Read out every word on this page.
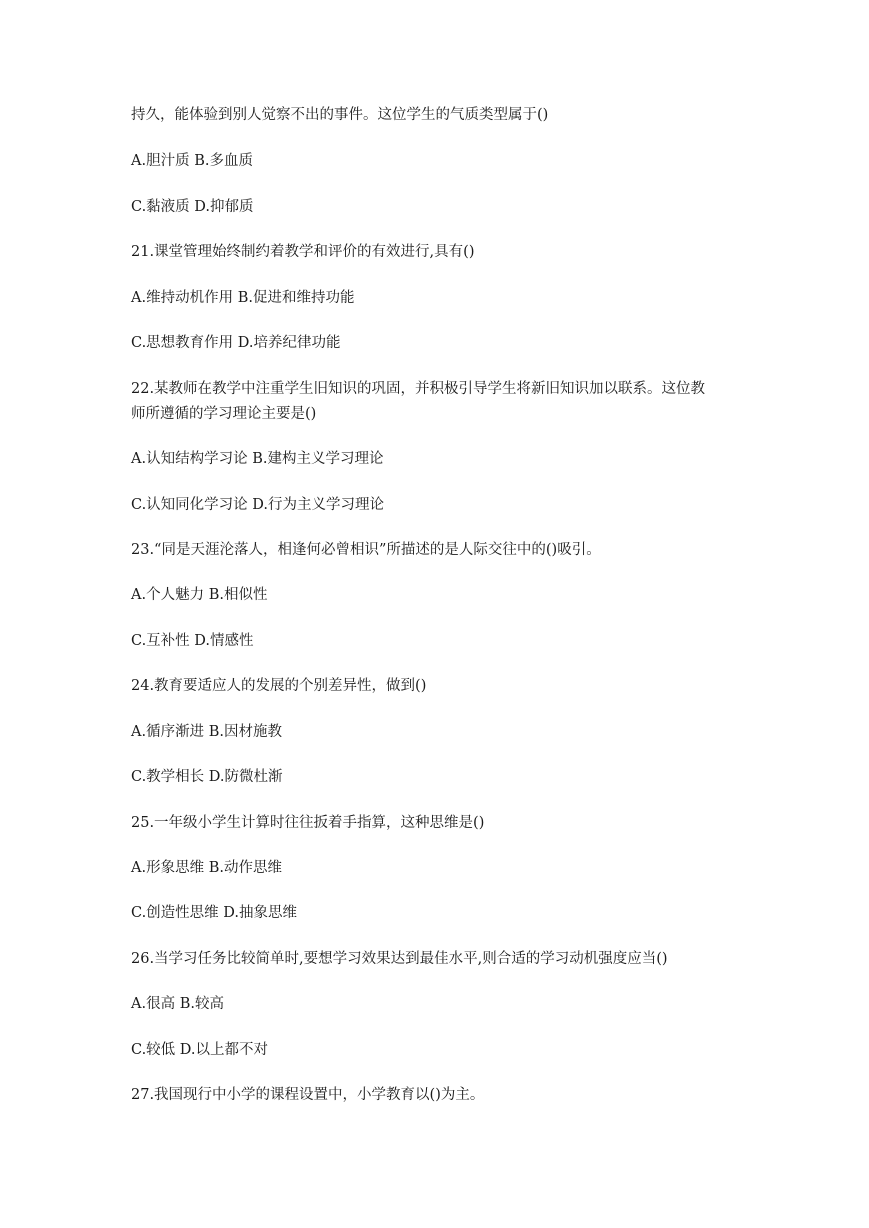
持久，能体验到别人觉察不出的事件。这位学生的气质类型属于()

A.胆汁质 B.多血质

C.黏液质 D.抑郁质

21.课堂管理始终制约着教学和评价的有效进行,具有()

A.维持动机作用 B.促进和维持功能

C.思想教育作用 D.培养纪律功能

22.某教师在教学中注重学生旧知识的巩固，并积极引导学生将新旧知识加以联系。这位教

师所遵循的学习理论主要是()

A.认知结构学习论 B.建构主义学习理论

C.认知同化学习论 D.行为主义学习理论

23.“同是天涯沦落人，相逢何必曾相识”所描述的是人际交往中的()吸引。

A.个人魅力 B.相似性

C.互补性 D.情感性

24.教育要适应人的发展的个别差异性，做到()

A.循序渐进 B.因材施教

C.教学相长 D.防微杜渐

25.一年级小学生计算时往往扳着手指算，这种思维是()

A.形象思维 B.动作思维

C.创造性思维 D.抽象思维

26.当学习任务比较简单时,要想学习效果达到最佳水平,则合适的学习动机强度应当()

A.很高 B.较高

C.较低 D.以上都不对

27.我国现行中小学的课程设置中，小学教育以()为主。
